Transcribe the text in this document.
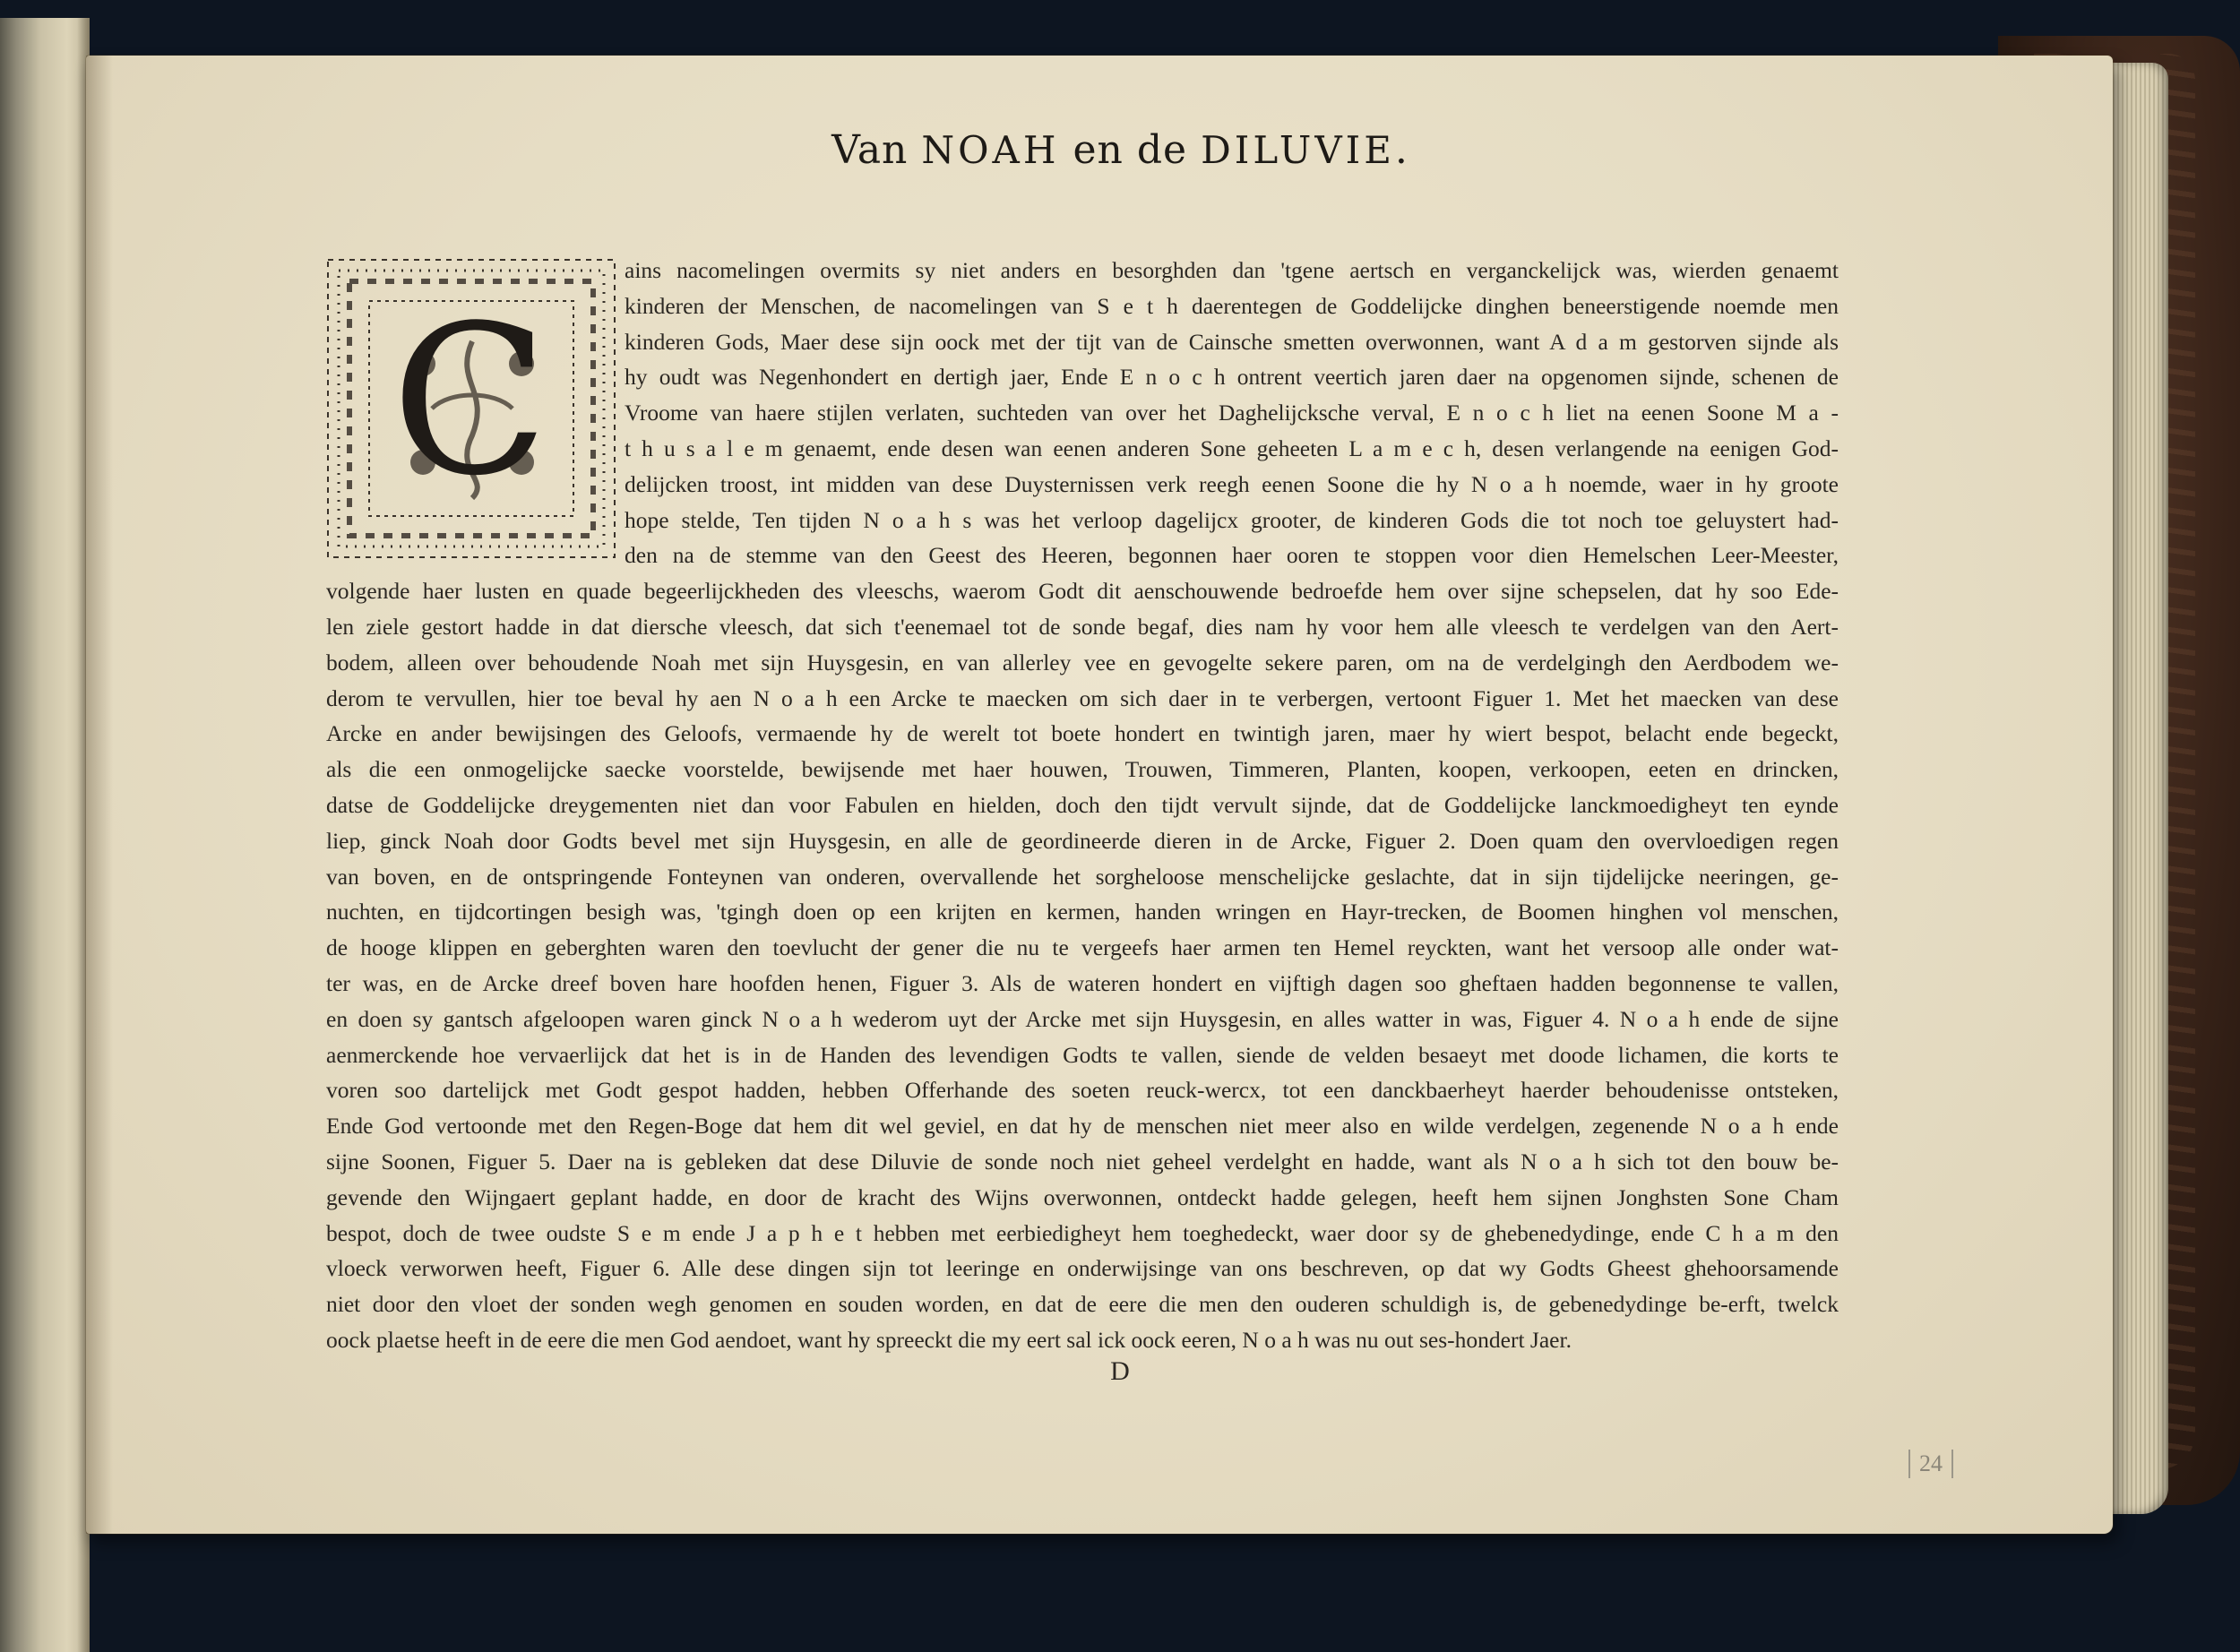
Van NOAH en de DILUVIE.
C
ains nacomelingen overmits sy niet anders en besorghden dan 'tgene aertsch en verganckelijck was, wierden genaemt
kinderen der Menschen, de nacomelingen van S e t h daerentegen de Goddelijcke dinghen beneerstigende noemde men
kinderen Gods, Maer dese sijn oock met der tijt van de Cainsche smetten overwonnen, want A d a m gestorven sijnde als
hy oudt was Negenhondert en dertigh jaer, Ende E n o c h ontrent veertich jaren daer na opgenomen sijnde, schenen de
Vroome van haere stijlen verlaten, suchteden van over het Daghelijcksche verval, E n o c h liet na eenen Soone M a -
t h u s a l e m genaemt, ende desen wan eenen anderen Sone geheeten L a m e c h, desen verlangende na eenigen God-
delijcken troost, int midden van dese Duysternissen verk reegh eenen Soone die hy N o a h noemde, waer in hy groote
hope stelde, Ten tijden N o a h s was het verloop dagelijcx grooter, de kinderen Gods die tot noch toe geluystert had-
den na de stemme van den Geest des Heeren, begonnen haer ooren te stoppen voor dien Hemelschen Leer-Meester,
volgende haer lusten en quade begeerlijckheden des vleeschs, waerom Godt dit aenschouwende bedroefde hem over sijne schepselen, dat hy soo Ede-
len ziele gestort hadde in dat diersche vleesch, dat sich t'eenemael tot de sonde begaf, dies nam hy voor hem alle vleesch te verdelgen van den Aert-
bodem, alleen over behoudende Noah met sijn Huysgesin, en van allerley vee en gevogelte sekere paren, om na de verdelgingh den Aerdbodem we-
derom te vervullen, hier toe beval hy aen N o a h een Arcke te maecken om sich daer in te verbergen, vertoont Figuer 1. Met het maecken van dese
Arcke en ander bewijsingen des Geloofs, vermaende hy de werelt tot boete hondert en twintigh jaren, maer hy wiert bespot, belacht ende begeckt,
als die een onmogelijcke saecke voorstelde, bewijsende met haer houwen, Trouwen, Timmeren, Planten, koopen, verkoopen, eeten en drincken,
datse de Goddelijcke dreygementen niet dan voor Fabulen en hielden, doch den tijdt vervult sijnde, dat de Goddelijcke lanckmoedigheyt ten eynde
liep, ginck Noah door Godts bevel met sijn Huysgesin, en alle de geordineerde dieren in de Arcke, Figuer 2. Doen quam den overvloedigen regen
van boven, en de ontspringende Fonteynen van onderen, overvallende het sorgheloose menschelijcke geslachte, dat in sijn tijdelijcke neeringen, ge-
nuchten, en tijdcortingen besigh was, 'tgingh doen op een krijten en kermen, handen wringen en Hayr-trecken, de Boomen hinghen vol menschen,
de hooge klippen en geberghten waren den toevlucht der gener die nu te vergeefs haer armen ten Hemel reyckten, want het versoop alle onder wat-
ter was, en de Arcke dreef boven hare hoofden henen, Figuer 3. Als de wateren hondert en vijftigh dagen soo gheftaen hadden begonnense te vallen,
en doen sy gantsch afgeloopen waren ginck N o a h wederom uyt der Arcke met sijn Huysgesin, en alles watter in was, Figuer 4. N o a h ende de sijne
aenmerckende hoe vervaerlijck dat het is in de Handen des levendigen Godts te vallen, siende de velden besaeyt met doode lichamen, die korts te
voren soo dartelijck met Godt gespot hadden, hebben Offerhande des soeten reuck-wercx, tot een danckbaerheyt haerder behoudenisse ontsteken,
Ende God vertoonde met den Regen-Boge dat hem dit wel geviel, en dat hy de menschen niet meer also en wilde verdelgen, zegenende N o a h ende
sijne Soonen, Figuer 5. Daer na is gebleken dat dese Diluvie de sonde noch niet geheel verdelght en hadde, want als N o a h sich tot den bouw be-
gevende den Wijngaert geplant hadde, en door de kracht des Wijns overwonnen, ontdeckt hadde gelegen, heeft hem sijnen Jonghsten Sone Cham
bespot, doch de twee oudste S e m ende J a p h e t hebben met eerbiedigheyt hem toeghedeckt, waer door sy de ghebenedydinge, ende C h a m den
vloeck verworwen heeft, Figuer 6. Alle dese dingen sijn tot leeringe en onderwijsinge van ons beschreven, op dat wy Godts Gheest ghehoorsamende
niet door den vloet der sonden wegh genomen en souden worden, en dat de eere die men den ouderen schuldigh is, de gebenedydinge be-erft, twelck
oock plaetse heeft in de eere die men God aendoet, want hy spreeckt die my eert sal ick oock eeren, N o a h was nu out ses-hondert Jaer.
D
24
